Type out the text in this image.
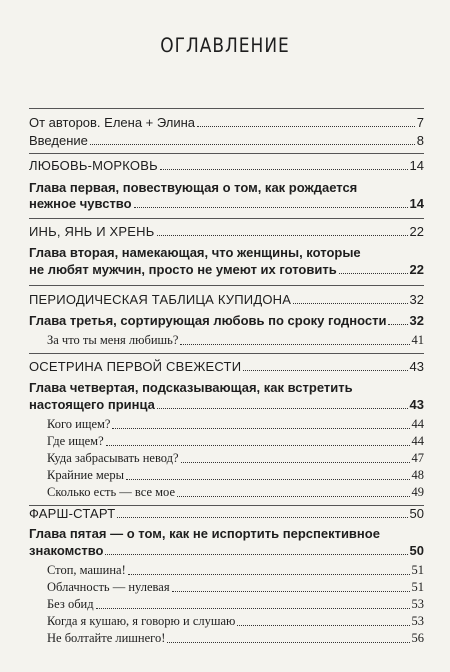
ОГЛАВЛЕНИЕ
От авторов. Елена + Элина	7
Введение	8
ЛЮБОВЬ-МОРКОВЬ	14
Глава первая, повествующая о том, как рождается
нежное чувство	14
ИНЬ, ЯНЬ И ХРЕНЬ	22
Глава вторая, намекающая, что женщины, которые
не любят мужчин, просто не умеют их готовить	22
ПЕРИОДИЧЕСКАЯ ТАБЛИЦА КУПИДОНА	32
Глава третья, сортирующая любовь по сроку годности 32
За что ты меня любишь?	41
ОСЕТРИНА ПЕРВОЙ СВЕЖЕСТИ	43
Глава четвертая, подсказывающая, как встретить
настоящего принца	43
Кого ищем?	44
Где ищем?	44
Куда забрасывать невод?	47
Крайние меры	48
Сколько есть — все мое	49
ФАРШ-СТАРТ	50
Глава пятая — о том, как не испортить перспективное
знакомство	50
Стоп, машина!	51
Облачность — нулевая	51
Без обид	53
Когда я кушаю, я говорю и слушаю	53
Не болтайте лишнего!	56
